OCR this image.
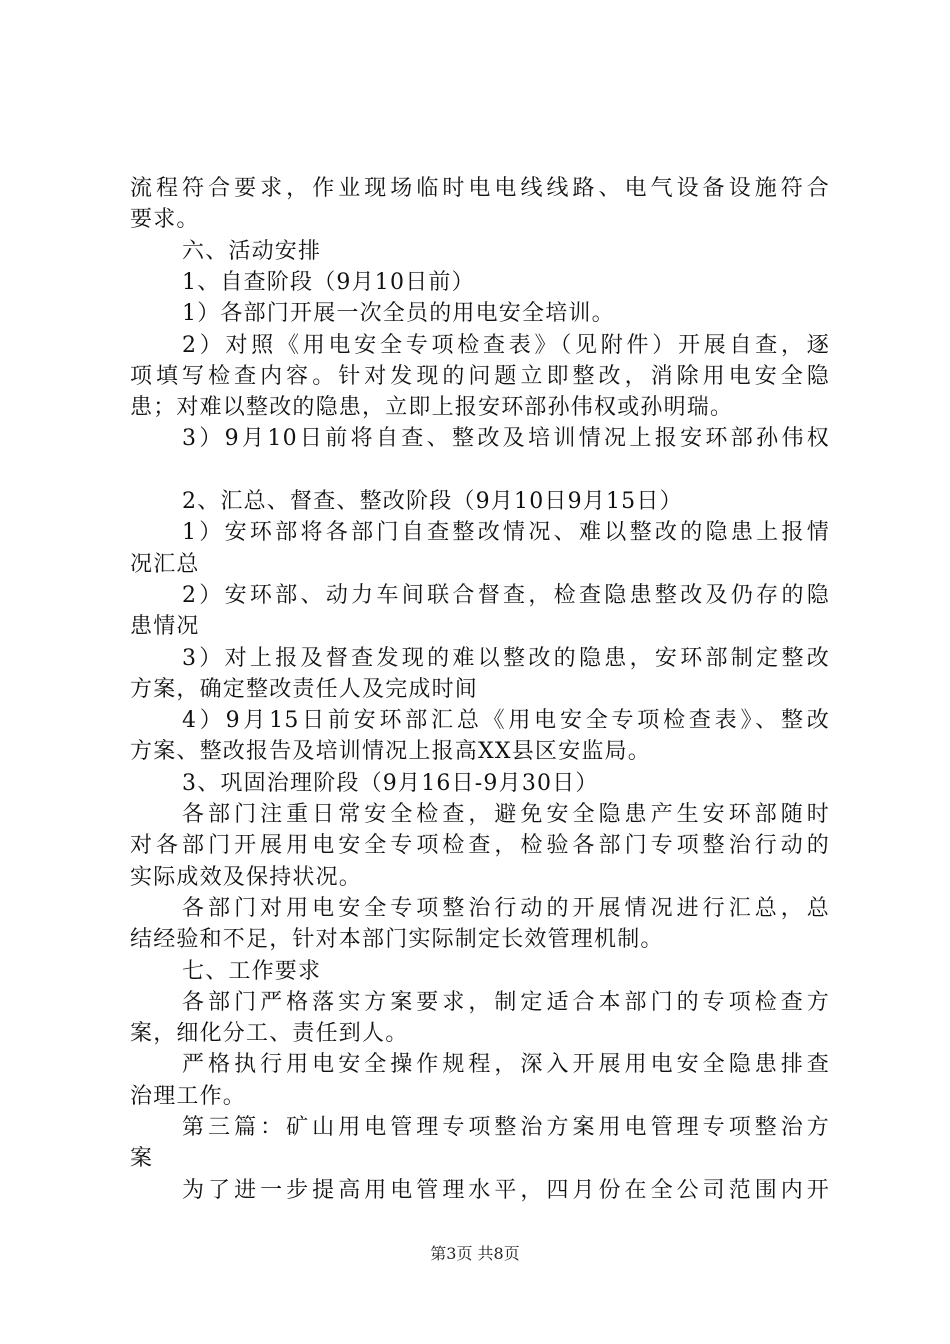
流程符合要求，作业现场临时电电线线路、电气设备设施符合
要求。
六、活动安排
1、自查阶段（9月10日前）
1）各部门开展一次全员的用电安全培训。
2）对照《用电安全专项检查表》（见附件）开展自查，逐
项填写检查内容。针对发现的问题立即整改，消除用电安全隐
患；对难以整改的隐患，立即上报安环部孙伟权或孙明瑞。
3）9月10日前将自查、整改及培训情况上报安环部孙伟权
2、汇总、督查、整改阶段（9月10日9月15日）
1）安环部将各部门自查整改情况、难以整改的隐患上报情
况汇总
2）安环部、动力车间联合督查，检查隐患整改及仍存的隐
患情况
3）对上报及督查发现的难以整改的隐患，安环部制定整改
方案，确定整改责任人及完成时间
4）9月15日前安环部汇总《用电安全专项检查表》、整改
方案、整改报告及培训情况上报高XX县区安监局。
3、巩固治理阶段（9月16日-9月30日）
各部门注重日常安全检查，避免安全隐患产生安环部随时
对各部门开展用电安全专项检查，检验各部门专项整治行动的
实际成效及保持状况。
各部门对用电安全专项整治行动的开展情况进行汇总，总
结经验和不足，针对本部门实际制定长效管理机制。
七、工作要求
各部门严格落实方案要求，制定适合本部门的专项检查方
案，细化分工、责任到人。
严格执行用电安全操作规程，深入开展用电安全隐患排查
治理工作。
第三篇：矿山用电管理专项整治方案用电管理专项整治方
案
为了进一步提高用电管理水平，四月份在全公司范围内开
第3页 共8页
